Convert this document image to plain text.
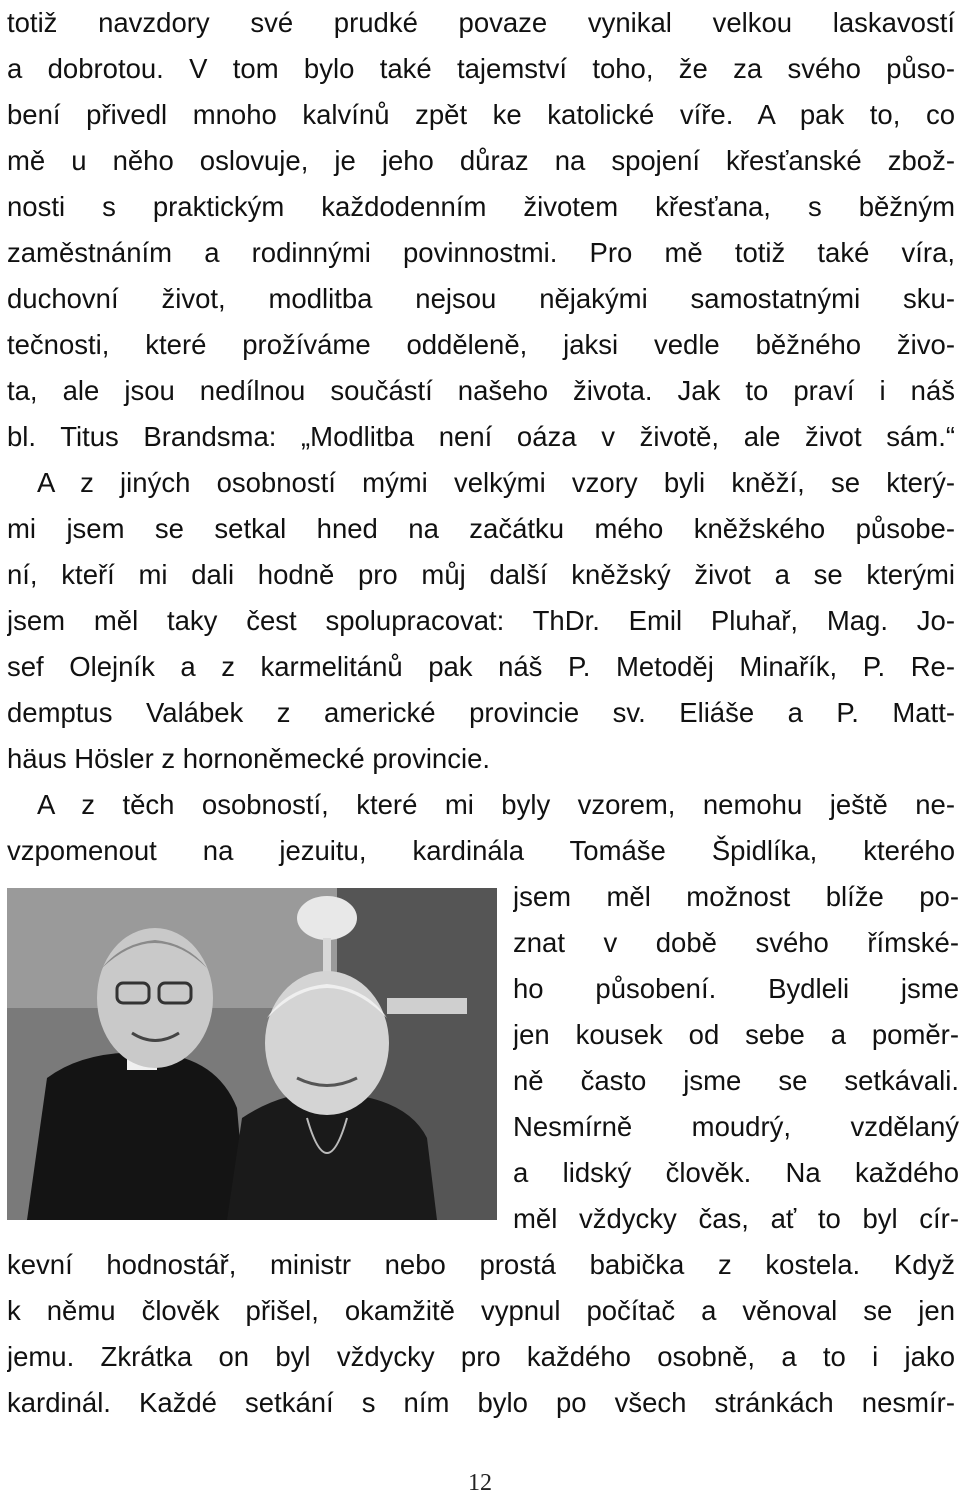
totiž navzdory své prudké povaze vynikal velkou laskavostí
a dobrotou. V tom bylo také tajemství toho, že za svého půso-
bení přivedl mnoho kalvínů zpět ke katolické víře. A pak to, co
mě u něho oslovuje, je jeho důraz na spojení křesťanské zbož-
nosti s praktickým každodenním životem křesťana, s běžným
zaměstnáním a rodinnými povinnostmi. Pro mě totiž také víra,
duchovní život, modlitba nejsou nějakými samostatnými sku-
tečnosti, které prožíváme odděleně, jaksi vedle běžného živo-
ta, ale jsou nedílnou součástí našeho života. Jak to praví i náš
bl. Titus Brandsma: „Modlitba není oáza v životě, ale život sám.“
A z jiných osobností mými velkými vzory byli kněží, se který-
mi jsem se setkal hned na začátku mého kněžského působe-
ní, kteří mi dali hodně pro můj další kněžský život a se kterými
jsem měl taky čest spolupracovat: ThDr. Emil Pluhař, Mag. Jo-
sef Olejník a z karmelitánů pak náš P. Metoděj Minařík, P. Re-
demptus Valábek z americké provincie sv. Eliáše a P. Matt-
häus Hösler z hornoněmecké provincie.
A z těch osobností, které mi byly vzorem, nemohu ještě ne-
vzpomenout na jezuitu, kardinála Tomáše Špidlíka, kterého
jsem měl možnost blíže po-
znat v době svého římské-
ho působení. Bydleli jsme
jen kousek od sebe a pomĕr-
ně často jsme se setkávali.
Nesmírně moudrý, vzdělaný
a lidský člověk. Na každého
měl vždycky čas, ať to byl cír-
kevní hodnostář, ministr nebo prostá babička z kostela. Když
k němu člověk přišel, okamžitě vypnul počítač a věnoval se jen
jemu. Zkrátka on byl vždycky pro každého osobně, a to i jako
kardinál. Každé setkání s ním bylo po všech stránkách nesmír-
12
